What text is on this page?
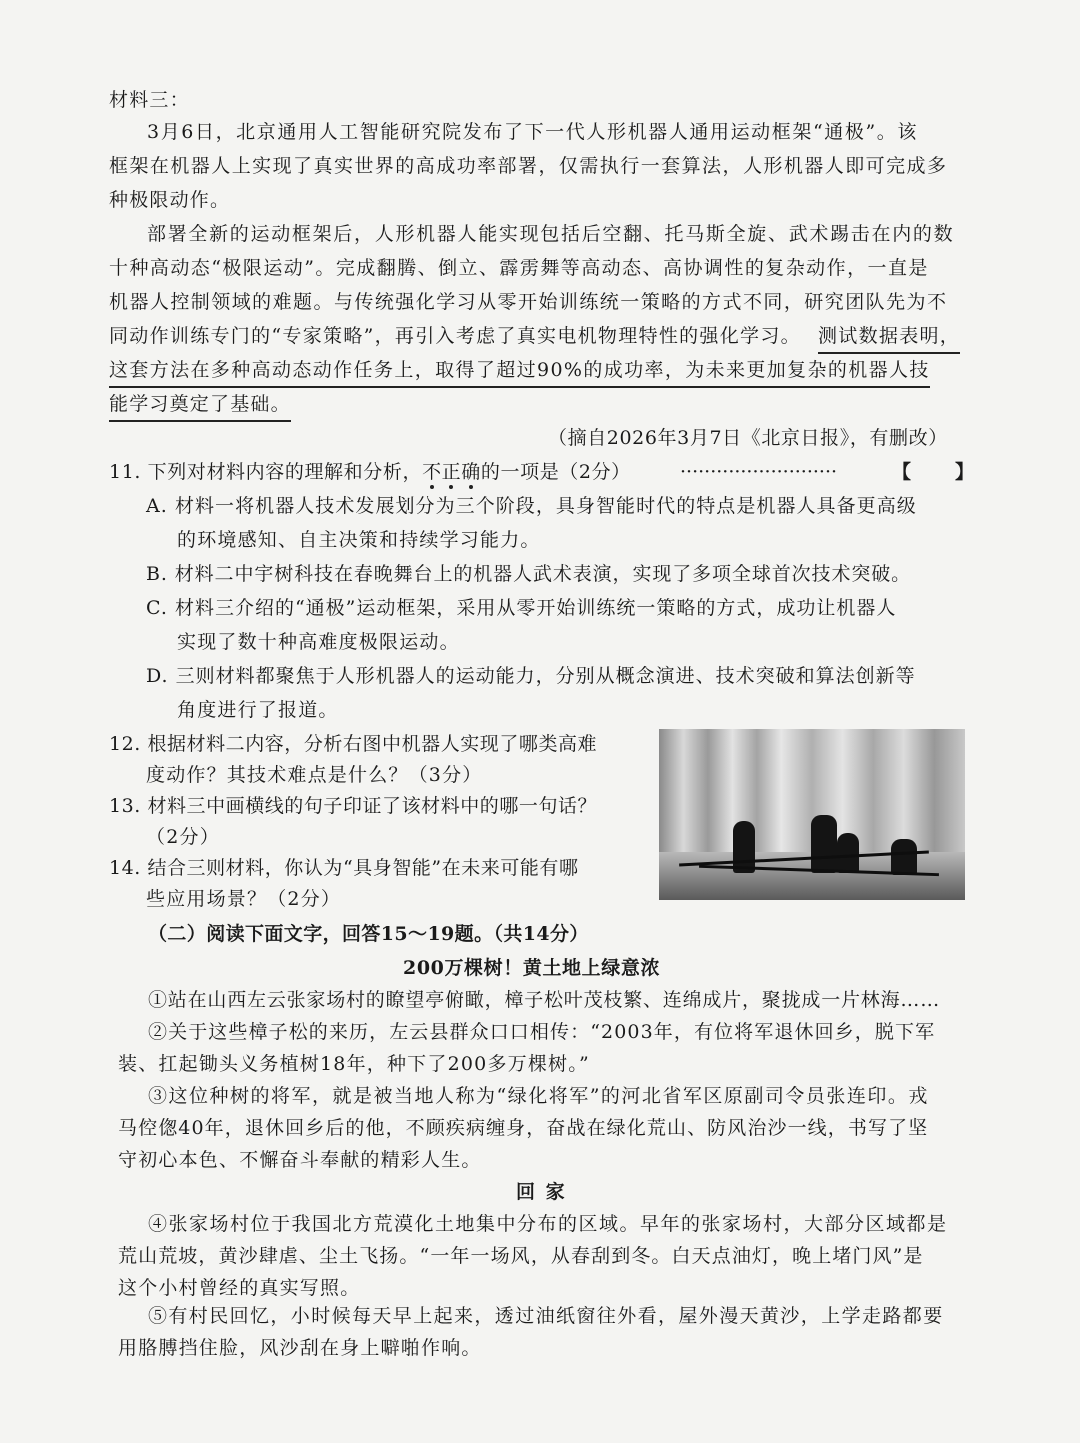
材料三：
3月6日，北京通用人工智能研究院发布了下一代人形机器人通用运动框架“通极”。该
框架在机器人上实现了真实世界的高成功率部署，仅需执行一套算法，人形机器人即可完成多
种极限动作。
部署全新的运动框架后，人形机器人能实现包括后空翻、托马斯全旋、武术踢击在内的数
十种高动态“极限运动”。完成翻腾、倒立、霹雳舞等高动态、高协调性的复杂动作，一直是
机器人控制领域的难题。与传统强化学习从零开始训练统一策略的方式不同，研究团队先为不
同动作训练专门的“专家策略”，再引入考虑了真实电机物理特性的强化学习。 测试数据表明，
这套方法在多种高动态动作任务上，取得了超过90%的成功率，为未来更加复杂的机器人技
能学习奠定了基础。
（摘自2026年3月7日《北京日报》，有删改）
11. 下列对材料内容的理解和分析，不正确的一项是（2分）	··························	【　　】
A. 材料一将机器人技术发展划分为三个阶段，具身智能时代的特点是机器人具备更高级
的环境感知、自主决策和持续学习能力。
B. 材料二中宇树科技在春晚舞台上的机器人武术表演，实现了多项全球首次技术突破。
C. 材料三介绍的“通极”运动框架，采用从零开始训练统一策略的方式，成功让机器人
实现了数十种高难度极限运动。
D. 三则材料都聚焦于人形机器人的运动能力，分别从概念演进、技术突破和算法创新等
角度进行了报道。
12. 根据材料二内容，分析右图中机器人实现了哪类高难
度动作？其技术难点是什么？（3分）
13. 材料三中画横线的句子印证了该材料中的哪一句话？
（2分）
14. 结合三则材料，你认为“具身智能”在未来可能有哪
些应用场景？（2分）
（二）阅读下面文字，回答15～19题。（共14分）
200万棵树！黄土地上绿意浓
①站在山西左云张家场村的瞭望亭俯瞰，樟子松叶茂枝繁、连绵成片，聚拢成一片林海……
②关于这些樟子松的来历，左云县群众口口相传：“2003年，有位将军退休回乡，脱下军
装、扛起锄头义务植树18年，种下了200多万棵树。”
③这位种树的将军，就是被当地人称为“绿化将军”的河北省军区原副司令员张连印。戎
马倥偬40年，退休回乡后的他，不顾疾病缠身，奋战在绿化荒山、防风治沙一线，书写了坚
守初心本色、不懈奋斗奉献的精彩人生。
回 家
④张家场村位于我国北方荒漠化土地集中分布的区域。早年的张家场村，大部分区域都是
荒山荒坡，黄沙肆虐、尘土飞扬。“一年一场风，从春刮到冬。白天点油灯，晚上堵门风”是
这个小村曾经的真实写照。
⑤有村民回忆，小时候每天早上起来，透过油纸窗往外看，屋外漫天黄沙，上学走路都要
用胳膊挡住脸，风沙刮在身上噼啪作响。
